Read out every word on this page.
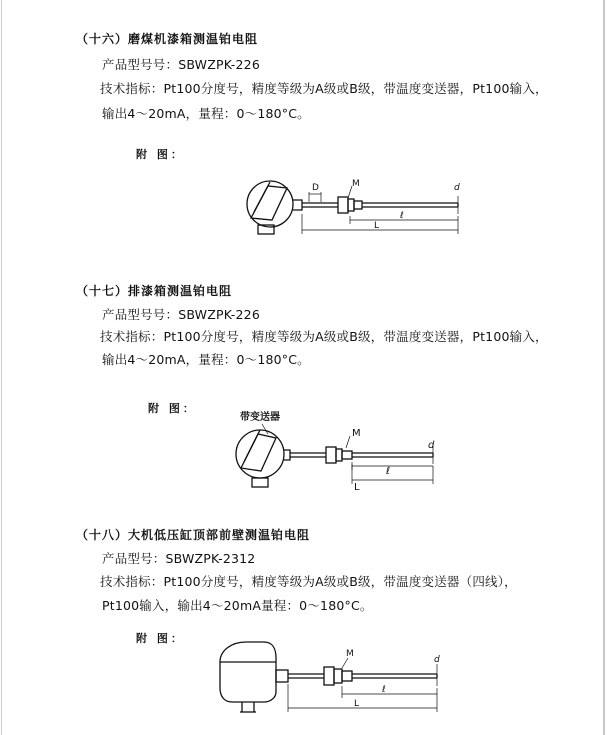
（十六）磨煤机漆箱测温铂电阻
产品型号号：SBWZPK-226
技术指标：Pt100分度号，精度等级为A级或B级，带温度变送器，Pt100输入，
输出4～20mA，量程：0～180°C。
附 图：
D	M	d
ℓ
L
（十七）排漆箱测温铂电阻
产品型号号：SBWZPK-226
技术指标：Pt100分度号，精度等级为A级或B级，带温度变送器，Pt100输入，
输出4～20mA，量程：0～180°C。
附 图：
带变送器
M
d
ℓ
L
（十八）大机低压缸顶部前壁测温铂电阻
产品型号：SBWZPK-2312
技术指标：Pt100分度号，精度等级为A级或B级，带温度变送器（四线），
Pt100输入，输出4～20mA量程：0～180°C。
附 图：
M
d
ℓ
L
